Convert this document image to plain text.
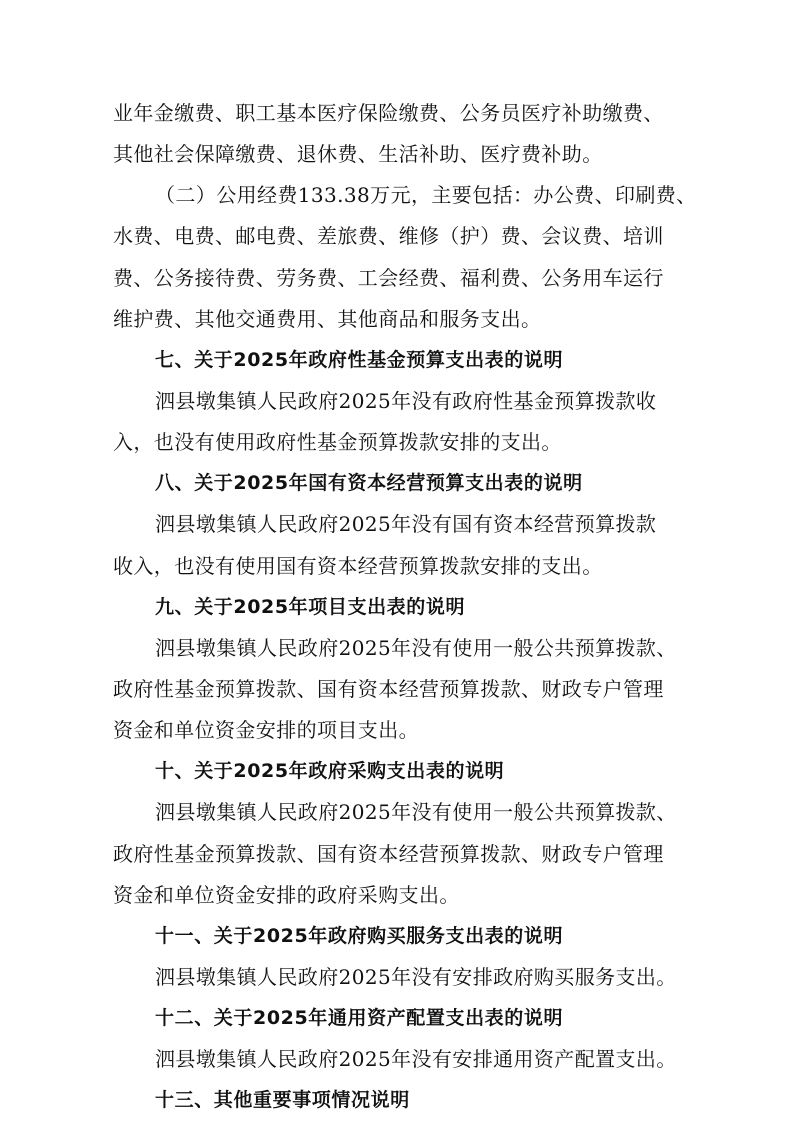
业年金缴费、职工基本医疗保险缴费、公务员医疗补助缴费、
其他社会保障缴费、退休费、生活补助、医疗费补助。
（二）公用经费133.38万元，主要包括：办公费、印刷费、
水费、电费、邮电费、差旅费、维修（护）费、会议费、培训
费、公务接待费、劳务费、工会经费、福利费、公务用车运行
维护费、其他交通费用、其他商品和服务支出。
七、关于2025年政府性基金预算支出表的说明
泗县墩集镇人民政府2025年没有政府性基金预算拨款收
入，也没有使用政府性基金预算拨款安排的支出。
八、关于2025年国有资本经营预算支出表的说明
泗县墩集镇人民政府2025年没有国有资本经营预算拨款
收入，也没有使用国有资本经营预算拨款安排的支出。
九、关于2025年项目支出表的说明
泗县墩集镇人民政府2025年没有使用一般公共预算拨款、
政府性基金预算拨款、国有资本经营预算拨款、财政专户管理
资金和单位资金安排的项目支出。
十、关于2025年政府采购支出表的说明
泗县墩集镇人民政府2025年没有使用一般公共预算拨款、
政府性基金预算拨款、国有资本经营预算拨款、财政专户管理
资金和单位资金安排的政府采购支出。
十一、关于2025年政府购买服务支出表的说明
泗县墩集镇人民政府2025年没有安排政府购买服务支出。
十二、关于2025年通用资产配置支出表的说明
泗县墩集镇人民政府2025年没有安排通用资产配置支出。
十三、其他重要事项情况说明
